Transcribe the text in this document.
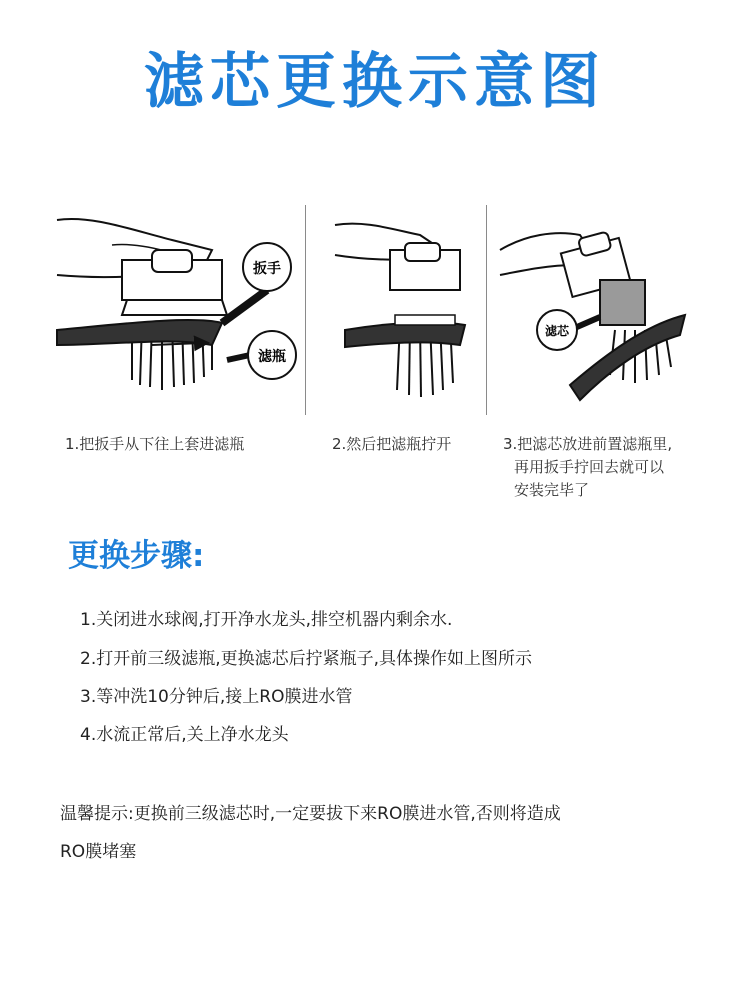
滤芯更换示意图
扳手
滤瓶
滤芯
1.把扳手从下往上套进滤瓶	2.然后把滤瓶拧开	3.把滤芯放进前置滤瓶里,
再用扳手拧回去就可以
安装完毕了
更换步骤:
1.关闭进水球阀,打开净水龙头,排空机器内剩余水.
2.打开前三级滤瓶,更换滤芯后拧紧瓶子,具体操作如上图所示
3.等冲洗10分钟后,接上RO膜进水管
4.水流正常后,关上净水龙头
温馨提示:更换前三级滤芯时,一定要拔下来RO膜进水管,否则将造成
RO膜堵塞
